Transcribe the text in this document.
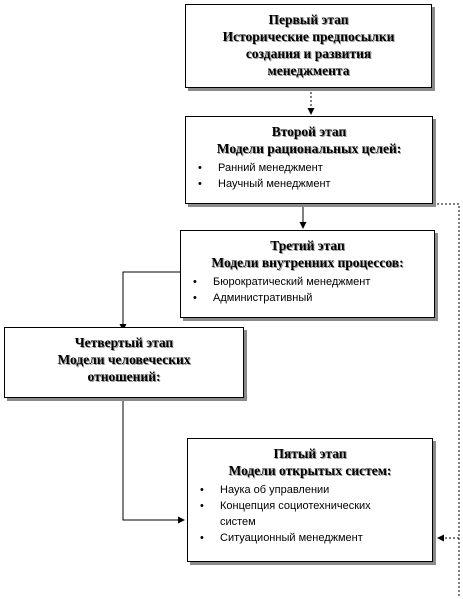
Первый этап
Исторические предпосылки
создания и развития
менеджмента
Второй этап
Модели рациональных целей:
• Ранний менеджмент
• Научный менеджмент
Третий этап
Модели внутренних процессов:
• Бюрократический менеджмент
• Административный
Четвертый этап
Модели человеческих
отношений:
Пятый этап
Модели открытых систем:
• Наука об управлении
• Концепция социотехнических
систем
• Ситуационный менеджмент
